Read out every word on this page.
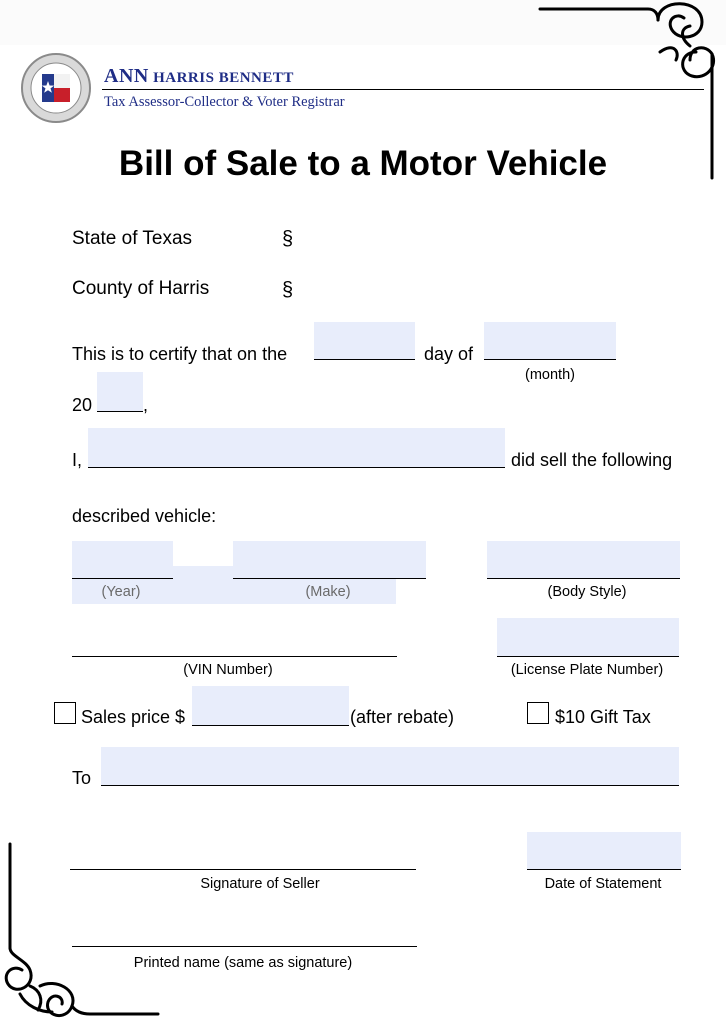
ANN HARRIS BENNETT
Tax Assessor-Collector & Voter Registrar
Bill of Sale to a Motor Vehicle
State of Texas	§
County of Harris	§
This is to certify that on the	day of
(month)
20	,
I,	did sell the following
described vehicle:
(Year)	(Make)	(Body Style)
(VIN Number)	(License Plate Number)
Sales price $	(after rebate)	$10 Gift Tax
To
Signature of Seller	Date of Statement
Printed name (same as signature)
